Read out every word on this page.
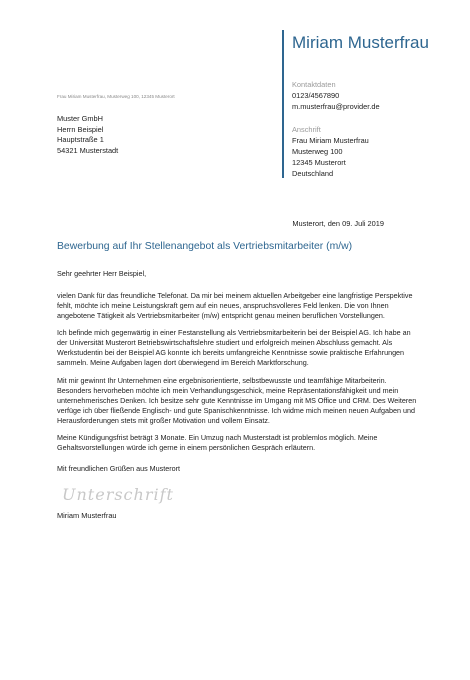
Miriam Musterfrau
Kontaktdaten
0123/4567890
m.musterfrau@provider.de
Anschrift
Frau Miriam Musterfrau
Musterweg 100
12345 Musterort
Deutschland
Frau Miriam Musterfrau, Musterweg 100, 12345 Musterort
Muster GmbH
Herrn Beispiel
Hauptstraße 1
54321 Musterstadt
Musterort, den 09. Juli 2019
Bewerbung auf Ihr Stellenangebot als Vertriebsmitarbeiter (m/w)
Sehr geehrter Herr Beispiel,
vielen Dank für das freundliche Telefonat. Da mir bei meinem aktuellen Arbeitgeber eine langfristige Perspektive
fehlt, möchte ich meine Leistungskraft gern auf ein neues, anspruchsvolleres Feld lenken. Die von Ihnen
angebotene Tätigkeit als Vertriebsmitarbeiter (m/w) entspricht genau meinen beruflichen Vorstellungen.
Ich befinde mich gegenwärtig in einer Festanstellung als Vertriebsmitarbeiterin bei der Beispiel AG. Ich habe an
der Universität Musterort Betriebswirtschaftslehre studiert und erfolgreich meinen Abschluss gemacht. Als
Werkstudentin bei der Beispiel AG konnte ich bereits umfangreiche Kenntnisse sowie praktische Erfahrungen
sammeln. Meine Aufgaben lagen dort überwiegend im Bereich Marktforschung.
Mit mir gewinnt Ihr Unternehmen eine ergebnisorientierte, selbstbewusste und teamfähige Mitarbeiterin.
Besonders hervorheben möchte ich mein Verhandlungsgeschick, meine Repräsentationsfähigkeit und mein
unternehmerisches Denken. Ich besitze sehr gute Kenntnisse im Umgang mit MS Office und CRM. Des Weiteren
verfüge ich über fließende Englisch- und gute Spanischkenntnisse. Ich widme mich meinen neuen Aufgaben und
Herausforderungen stets mit großer Motivation und vollem Einsatz.
Meine Kündigungsfrist beträgt 3 Monate. Ein Umzug nach Musterstadt ist problemlos möglich. Meine
Gehaltsvorstellungen würde ich gerne in einem persönlichen Gespräch erläutern.
Mit freundlichen Grüßen aus Musterort
Unterschrift
Miriam Musterfrau
